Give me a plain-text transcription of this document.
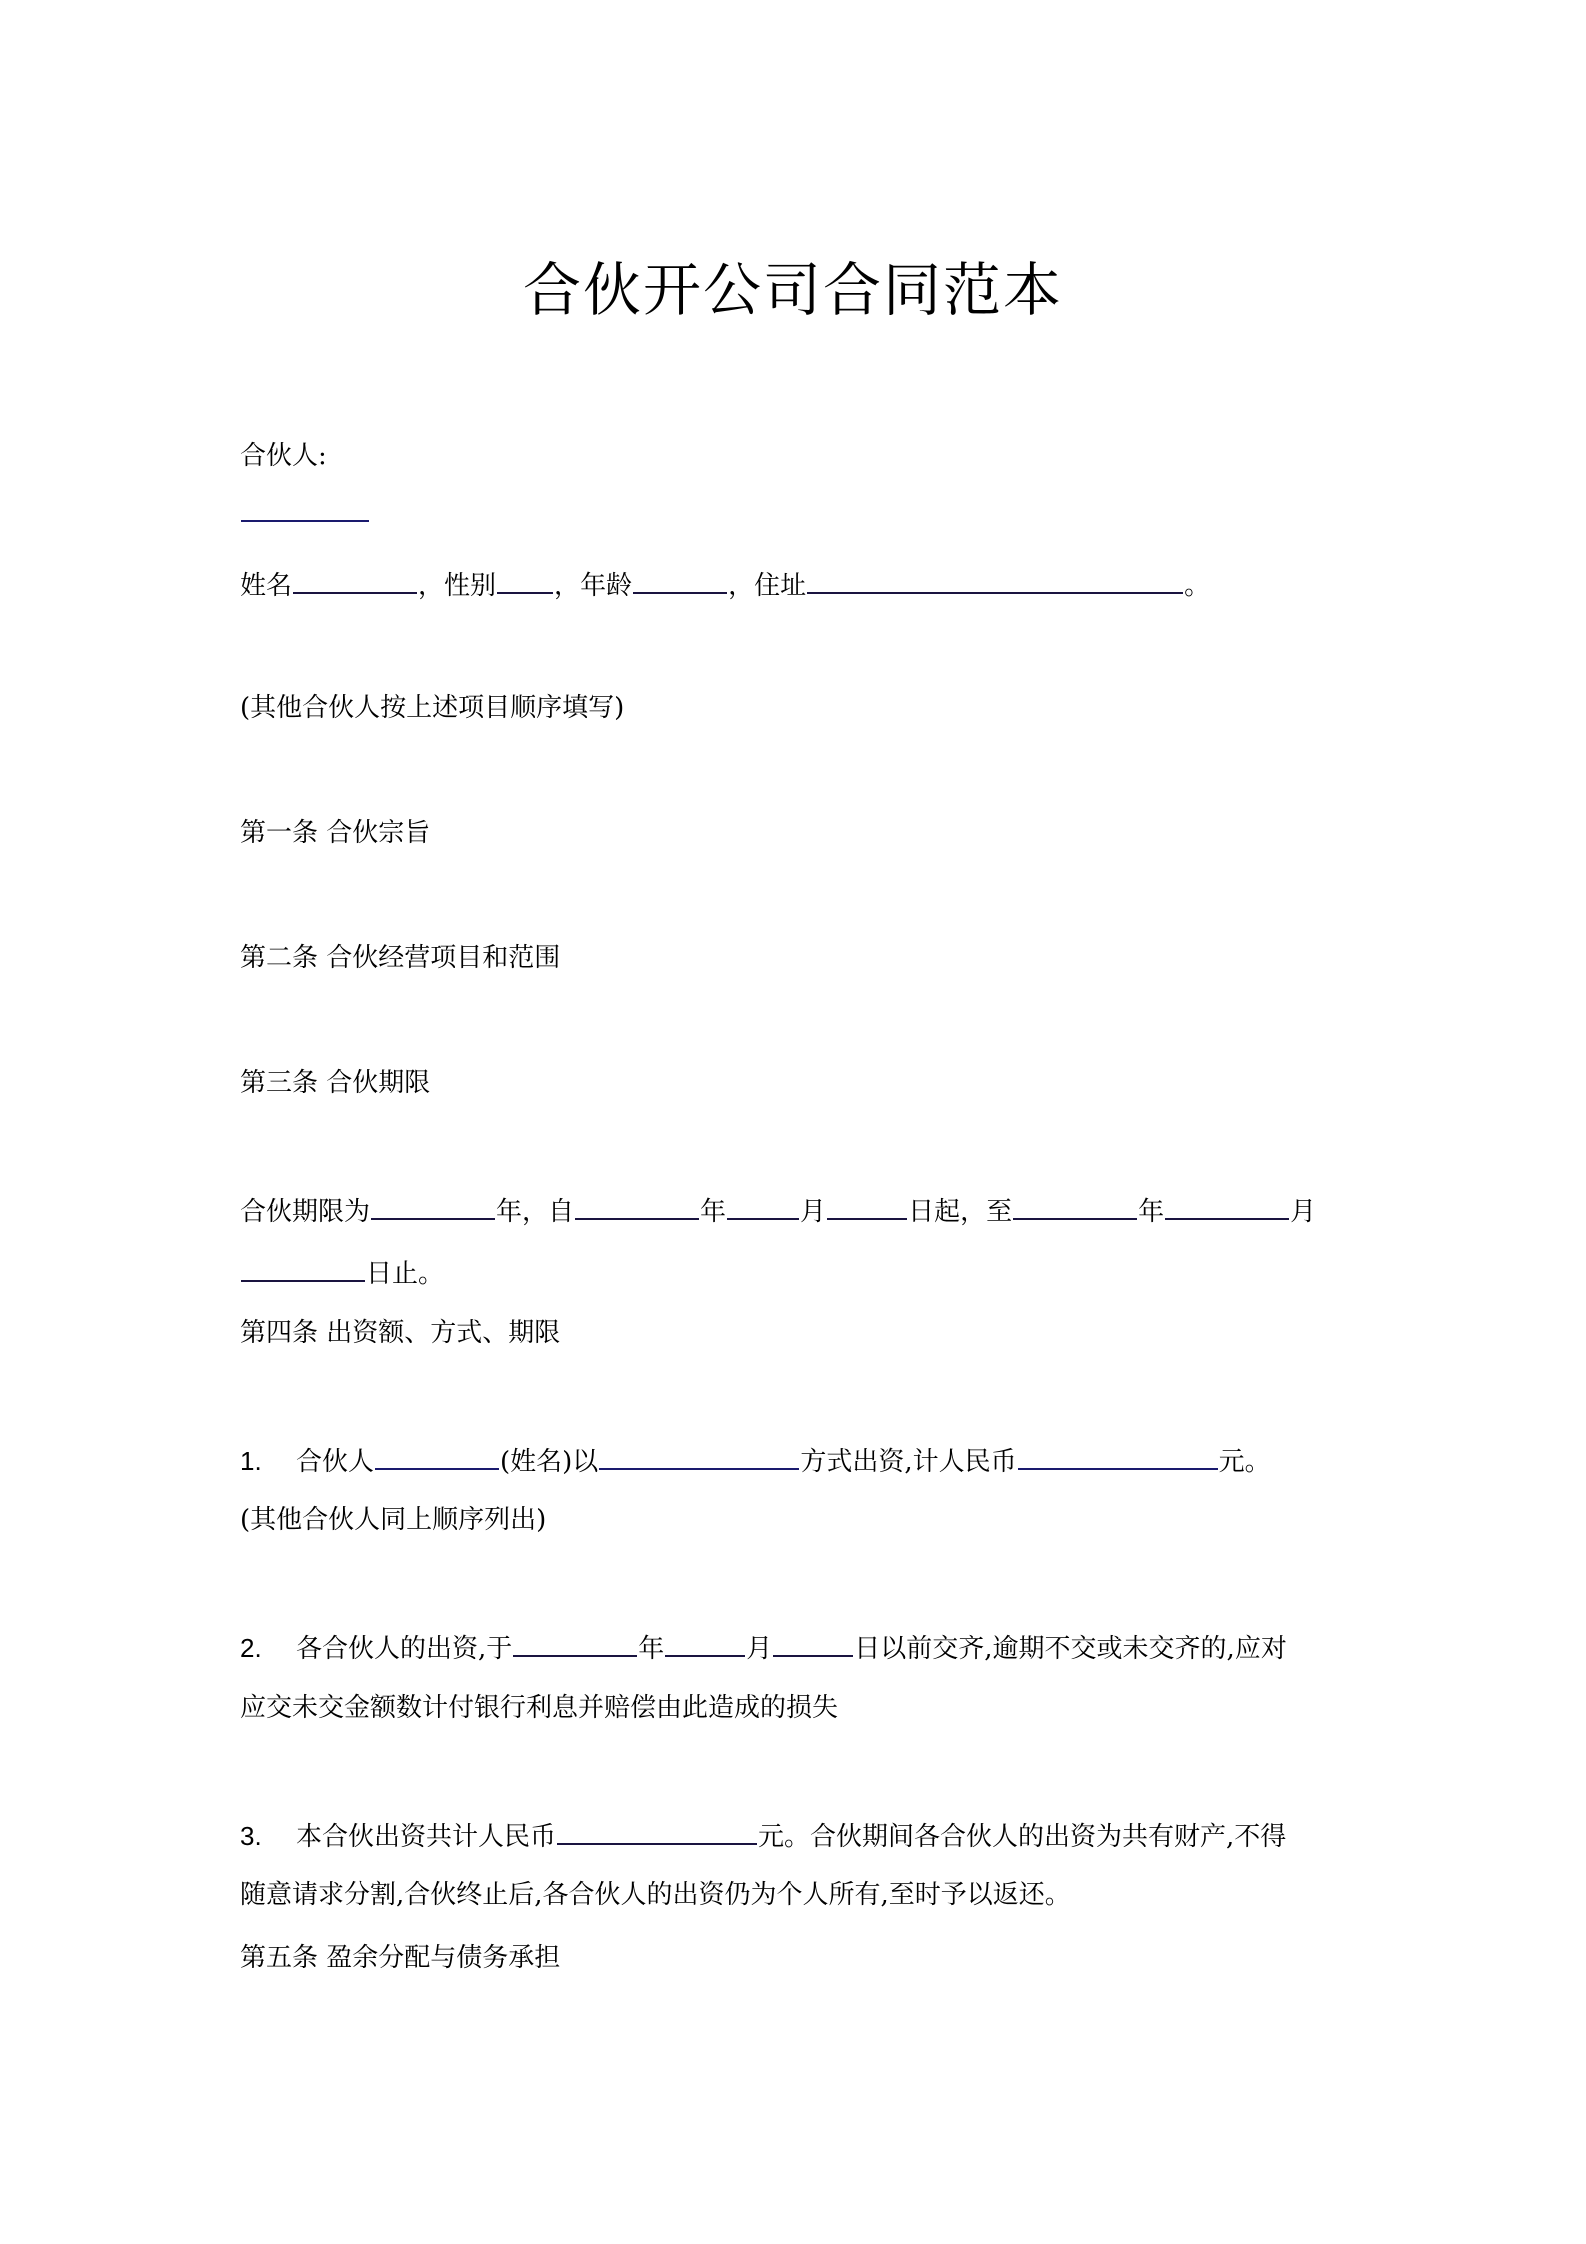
合伙开公司合同范本
合伙人:
姓名	，性别 ，年龄	，住址	。
(其他合伙人按上述项目顺序填写)
第一条 合伙宗旨
第二条 合伙经营项目和范围
第三条 合伙期限
合伙期限为	年，自	年	月	日起，至	年	月
日止。
第四条 出资额、方式、期限
1. 合伙人	(姓名)以	方式出资,计人民币	元。
(其他合伙人同上顺序列出)
2. 各合伙人的出资,于	年	月	日以前交齐,逾期不交或未交齐的,应对
应交未交金额数计付银行利息并赔偿由此造成的损失
3. 本合伙出资共计人民币	元。合伙期间各合伙人的出资为共有财产,不得
随意请求分割,合伙终止后,各合伙人的出资仍为个人所有,至时予以返还。
第五条 盈余分配与债务承担
